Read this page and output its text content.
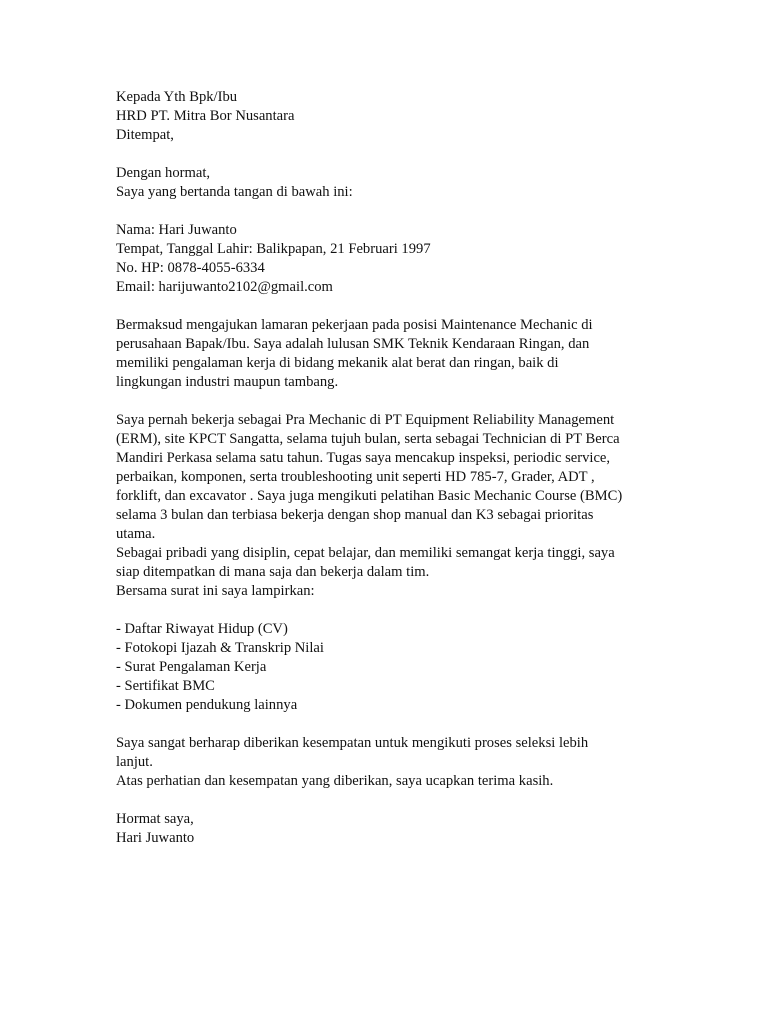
Kepada Yth Bpk/Ibu
HRD PT. Mitra Bor Nusantara
Ditempat,
Dengan hormat,
Saya yang bertanda tangan di bawah ini:
Nama: Hari Juwanto
Tempat, Tanggal Lahir: Balikpapan, 21 Februari 1997
No. HP: 0878-4055-6334
Email: harijuwanto2102@gmail.com
Bermaksud mengajukan lamaran pekerjaan pada posisi Maintenance Mechanic di
perusahaan Bapak/Ibu. Saya adalah lulusan SMK Teknik Kendaraan Ringan, dan
memiliki pengalaman kerja di bidang mekanik alat berat dan ringan, baik di
lingkungan industri maupun tambang.
Saya pernah bekerja sebagai Pra Mechanic di PT Equipment Reliability Management
(ERM), site KPCT Sangatta, selama tujuh bulan, serta sebagai Technician di PT Berca
Mandiri Perkasa selama satu tahun. Tugas saya mencakup inspeksi, periodic service,
perbaikan, komponen, serta troubleshooting unit seperti HD 785-7, Grader, ADT ,
forklift, dan excavator . Saya juga mengikuti pelatihan Basic Mechanic Course (BMC)
selama 3 bulan dan terbiasa bekerja dengan shop manual dan K3 sebagai prioritas
utama.
Sebagai pribadi yang disiplin, cepat belajar, dan memiliki semangat kerja tinggi, saya
siap ditempatkan di mana saja dan bekerja dalam tim.
Bersama surat ini saya lampirkan:
- Daftar Riwayat Hidup (CV)
- Fotokopi Ijazah & Transkrip Nilai
- Surat Pengalaman Kerja
- Sertifikat BMC
- Dokumen pendukung lainnya
Saya sangat berharap diberikan kesempatan untuk mengikuti proses seleksi lebih
lanjut.
Atas perhatian dan kesempatan yang diberikan, saya ucapkan terima kasih.
Hormat saya,
Hari Juwanto
